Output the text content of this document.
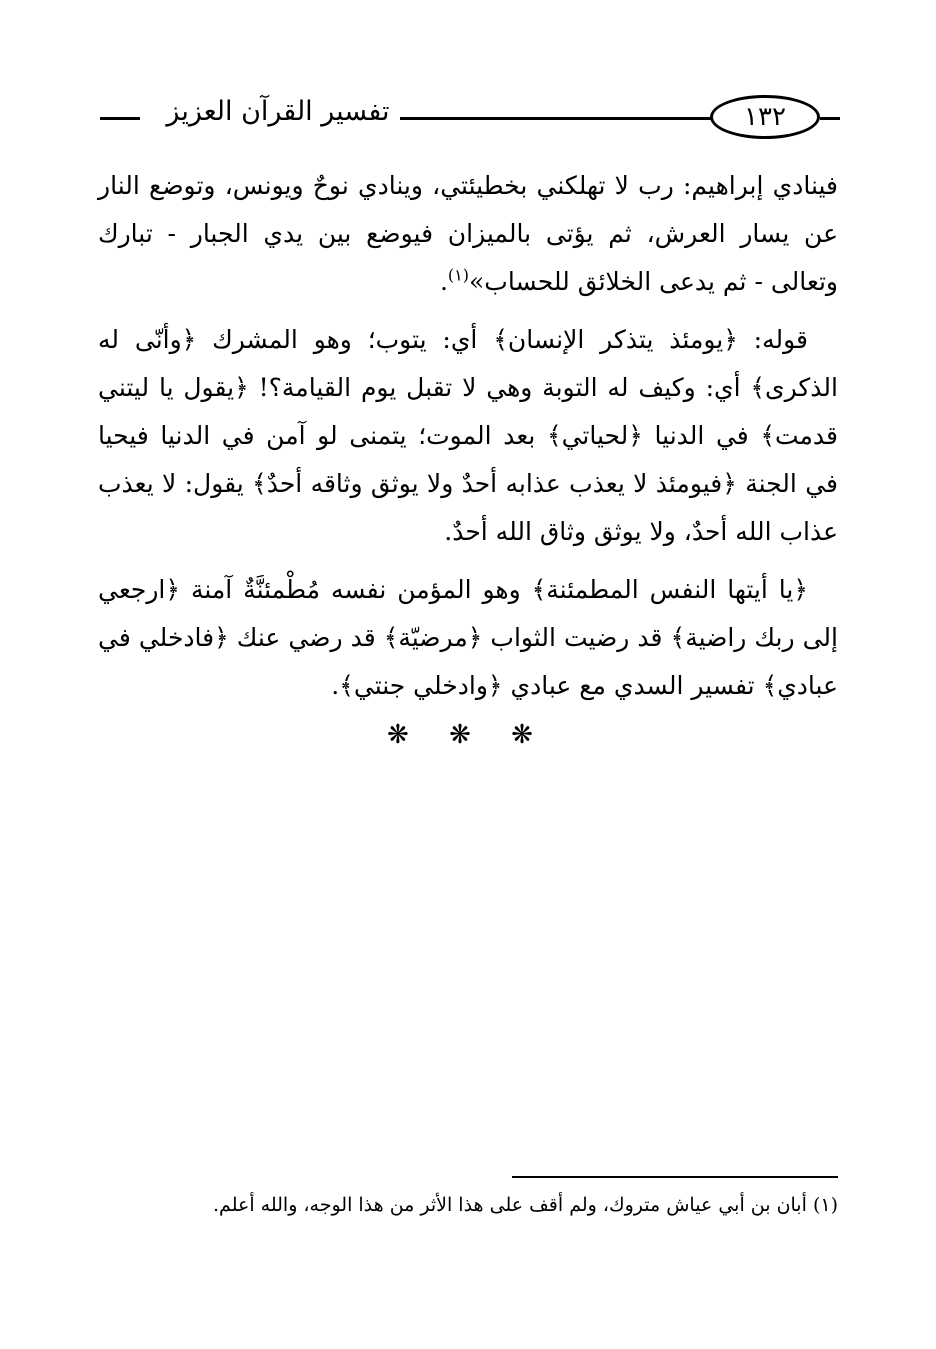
تفسير القرآن العزيز	١٣٢

فينادي إبراهيم: رب لا تهلكني بخطيئتي، وينادي نوحٌ ويونس، وتوضع النار عن يسار العرش، ثم يؤتى بالميزان فيوضع بين يدي الجبار - تبارك وتعالى - ثم يدعى الخلائق للحساب»$^{(١)}$.

قوله: ﴿يومئذ يتذكر الإنسان﴾ أي: يتوب؛ وهو المشرك ﴿وأنّى له الذكرى﴾ أي: وكيف له التوبة وهي لا تقبل يوم القيامة؟! ﴿يقول يا ليتني قدمت﴾ في الدنيا ﴿لحياتي﴾ بعد الموت؛ يتمنى لو آمن في الدنيا فيحيا في الجنة ﴿فيومئذ لا يعذب عذابه أحدٌ ولا يوثق وثاقه أحدٌ﴾ يقول: لا يعذب عذاب الله أحدٌ، ولا يوثق وثاق الله أحدٌ.

﴿يا أيتها النفس المطمئنة﴾ وهو المؤمن نفسه مُطْمئنَّةٌ آمنة ﴿ارجعي إلى ربك راضية﴾ قد رضيت الثواب ﴿مرضيّة﴾ قد رضي عنك ﴿فادخلي في عبادي﴾ تفسير السدي مع عبادي ﴿وادخلي جنتي﴾.

❋ ❋ ❋
(١) أبان بن أبي عياش متروك، ولم أقف على هذا الأثر من هذا الوجه، والله أعلم.
